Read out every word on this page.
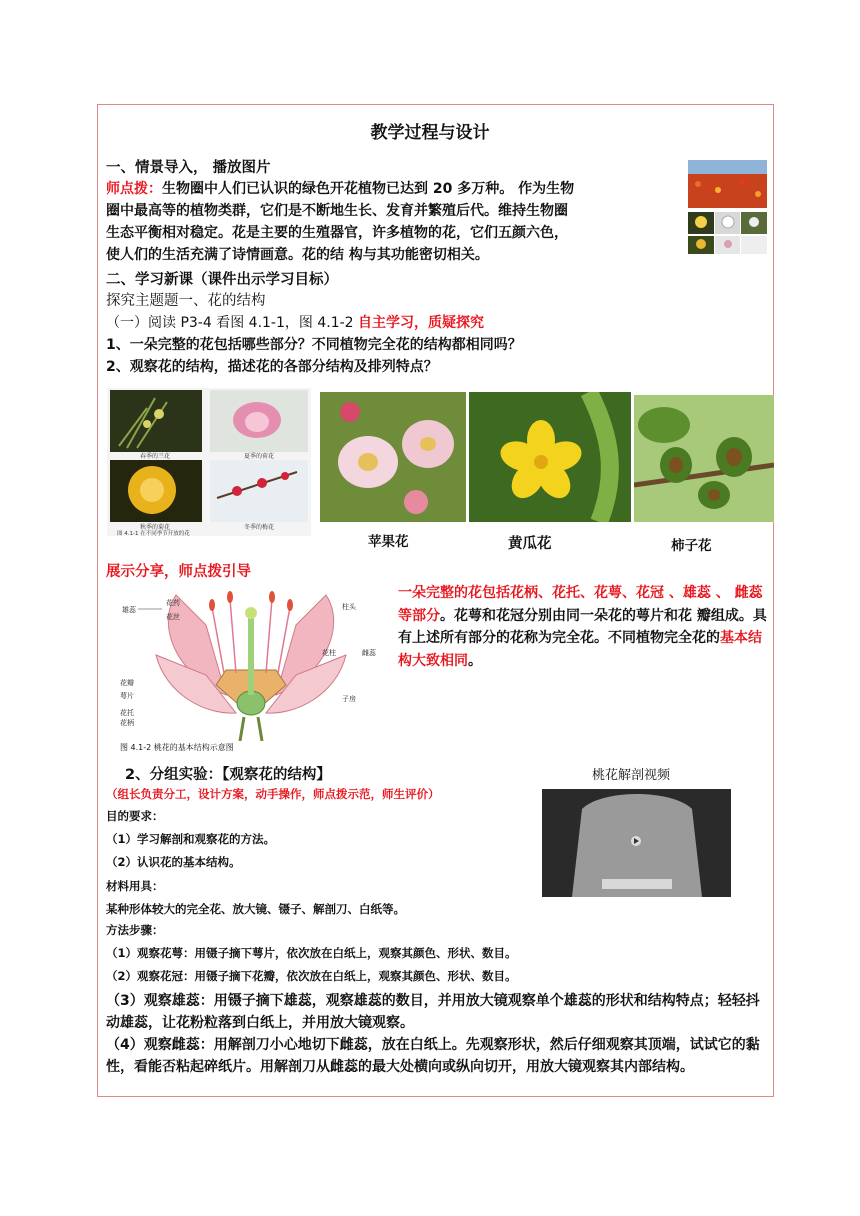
教学过程与设计
一、情景导入， 播放图片
师点拨：生物圈中人们已认识的绿色开花植物已达到 20 多万种。 作为生物
圈中最高等的植物类群，它们是不断地生长、发育并繁殖后代。维持生物圈
生态平衡相对稳定。花是主要的生殖器官，许多植物的花，它们五颜六色，
使人们的生活充满了诗情画意。花的结 构与其功能密切相关。
二、学习新课（课件出示学习目标）
探究主题题一、花的结构
（一）阅读 P3-4 看图 4.1-1，图 4.1-2 自主学习，质疑探究
1、一朵完整的花包括哪些部分？不同植物完全花的结构都相同吗？
2、观察花的结构，描述花的各部分结构及排列特点？
春季的兰花	夏季的荷花
秋季的菊花	冬季的梅花
图 4.1-1 在不同季节开放的花	苹果花	黄瓜花	柿子花
展示分享，师点拨引导
花药
花丝
雄蕊	柱头
花柱	雌蕊
花瓣
萼片	子房
花托
花柄
图 4.1-2 桃花的基本结构示意图
一朵完整的花包括花柄、花托、花萼、花冠 、雄蕊 、 雌蕊 等部分。花萼和花冠分别由同一朵花的萼片和花 瓣组成。具有上述所有部分的花称为完全花。不同植物完全花的基本结构大致相同。
2、分组实验：【观察花的结构】	桃花解剖视频
（组长负责分工，设计方案，动手操作，师点拨示范，师生评价）
目的要求：
（1）学习解剖和观察花的方法。
（2）认识花的基本结构。
材料用具：
某种形体较大的完全花、放大镜、镊子、解剖刀、白纸等。
方法步骤：
（1）观察花萼：用镊子摘下萼片，依次放在白纸上，观察其颜色、形状、数目。
（2）观察花冠：用镊子摘下花瓣，依次放在白纸上，观察其颜色、形状、数目。
（3）观察雄蕊：用镊子摘下雄蕊，观察雄蕊的数目，并用放大镜观察单个雄蕊的形状和结构特点；轻轻抖动雄蕊，让花粉粒落到白纸上，并用放大镜观察。
（4）观察雌蕊：用解剖刀小心地切下雌蕊，放在白纸上。先观察形状，然后仔细观察其顶端，试试它的黏性，看能否粘起碎纸片。用解剖刀从雌蕊的最大处横向或纵向切开，用放大镜观察其内部结构。
